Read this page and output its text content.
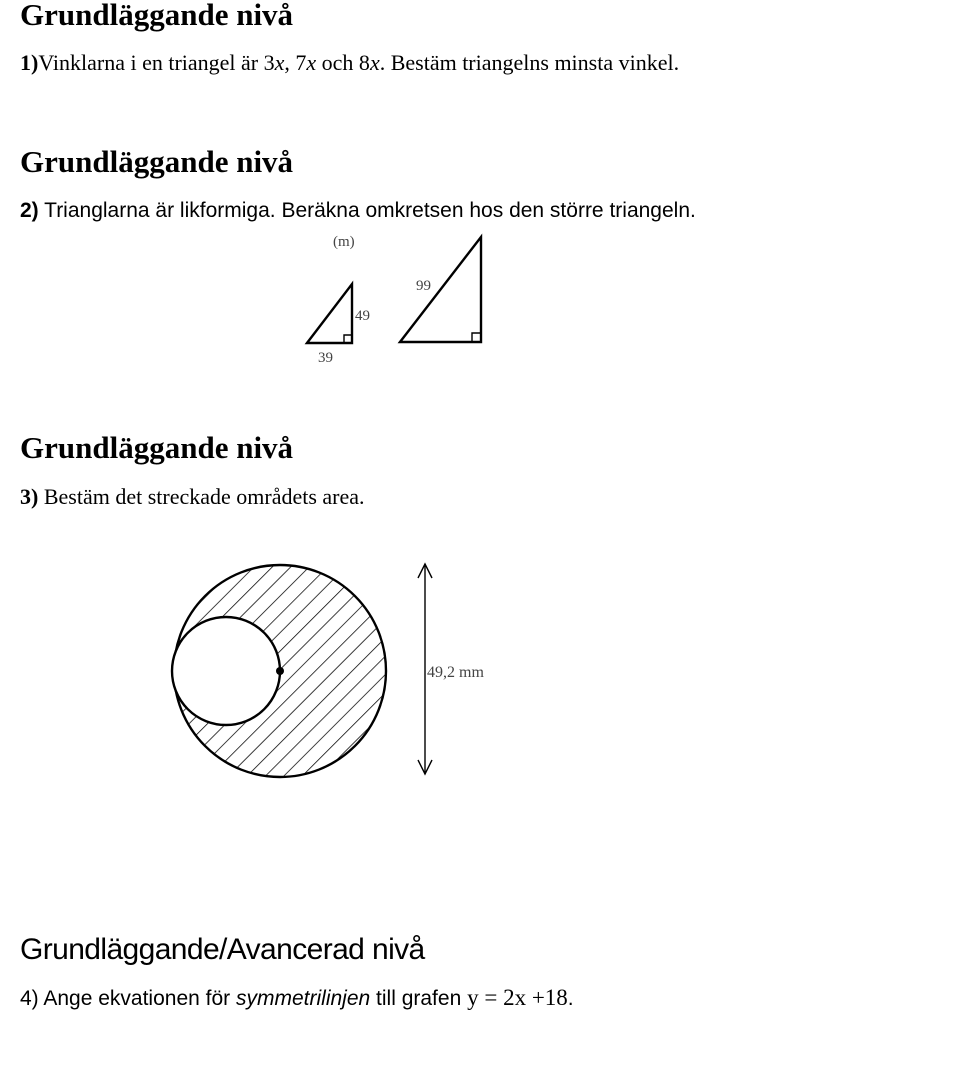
Grundläggande nivå
1)Vinklarna i en triangel är 3x, 7x och 8x. Bestäm triangelns minsta vinkel.
Grundläggande nivå
2) Trianglarna är likformiga. Beräkna omkretsen hos den större triangeln.
(m)
49
39
99
Grundläggande nivå
3) Bestäm det streckade områdets area.
49,2 mm
Grundläggande/Avancerad nivå
4) Ange ekvationen för symmetrilinjen till grafen y = 2x +18.
